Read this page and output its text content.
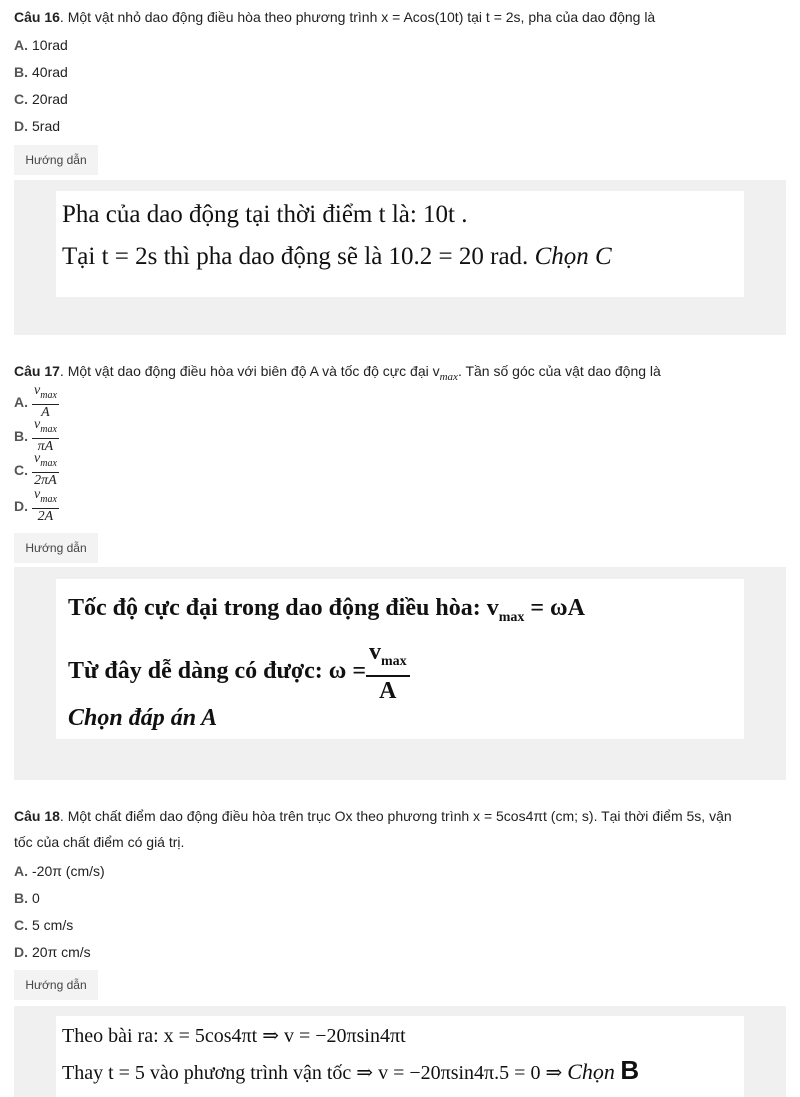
Câu 16. Một vật nhỏ dao động điều hòa theo phương trình x = Acos(10t) tại t = 2s, pha của dao động là
A. 10rad
B. 40rad
C. 20rad
D. 5rad
Hướng dẫn
Pha của dao động tại thời điểm t là: 10t .
Tại t = 2s thì pha dao động sẽ là 10.2 = 20 rad. Chọn C
Câu 17. Một vật dao động điều hòa với biên độ A và tốc độ cực đại $v_{max}$. Tần số góc của vật dao động là
A. $\frac{v_{max}}{A}$
B. $\frac{v_{max}}{\pi A}$
C. $\frac{v_{max}}{2\pi A}$
D. $\frac{v_{max}}{2A}$
Hướng dẫn
Tốc độ cực đại trong dao động điều hòa: $v_{max} = \omega A$
Từ đây dễ dàng có được: ω =
$v_{max}$
A
Chọn đáp án A
Câu 18. Một chất điểm dao động điều hòa trên trục Ox theo phương trình x = 5cos4πt (cm; s). Tại thời điểm 5s, vận
tốc của chất điểm có giá trị.
A. -20π (cm/s)
B. 0
C. 5 cm/s
D. 20π cm/s
Hướng dẫn
Theo bài ra: x = 5cos4πt ⇒ v = −20πsin4πt
Thay t = 5 vào phương trình vận tốc ⇒ v = −20πsin4π.5 = 0 ⇒ Chọn B
